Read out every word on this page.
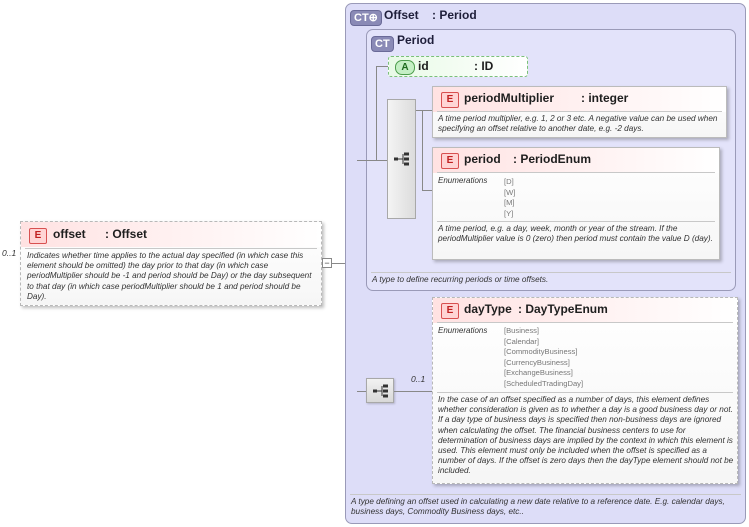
0..1
E offset : Offset
Indicates whether time applies to the actual day specified (in which case this element should be omitted) the day prior to that day (in which case periodMultiplier should be -1 and period should be Day) or the day subsequent to that day (in which case periodMultiplier should be 1 and period should be Day).
−
CT⊕ Offset : Period
A type defining an offset used in calculating a new date relative to a reference date. E.g. calendar days, business days, Commodity Business days, etc..
CT Period
A type to define recurring periods or time offsets.
A id	: ID
E periodMultiplier : integer
A time period multiplier, e.g. 1, 2 or 3 etc. A negative value can be used when specifying an offset relative to another date, e.g. -2 days.
E period : PeriodEnum
Enumerations [D]
[W]
[M]
[Y]
A time period, e.g. a day, week, month or year of the stream. If the periodMultiplier value is 0 (zero) then period must contain the value D (day).
0..1
E dayType : DayTypeEnum
Enumerations [Business]
[Calendar]
[CommodityBusiness]
[CurrencyBusiness]
[ExchangeBusiness]
[ScheduledTradingDay]
In the case of an offset specified as a number of days, this element defines whether consideration is given as to whether a day is a good business day or not. If a day type of business days is specified then non-business days are ignored when calculating the offset. The financial business centers to use for determination of business days are implied by the context in which this element is used. This element must only be included when the offset is specified as a number of days. If the offset is zero days then the dayType element should not be included.
